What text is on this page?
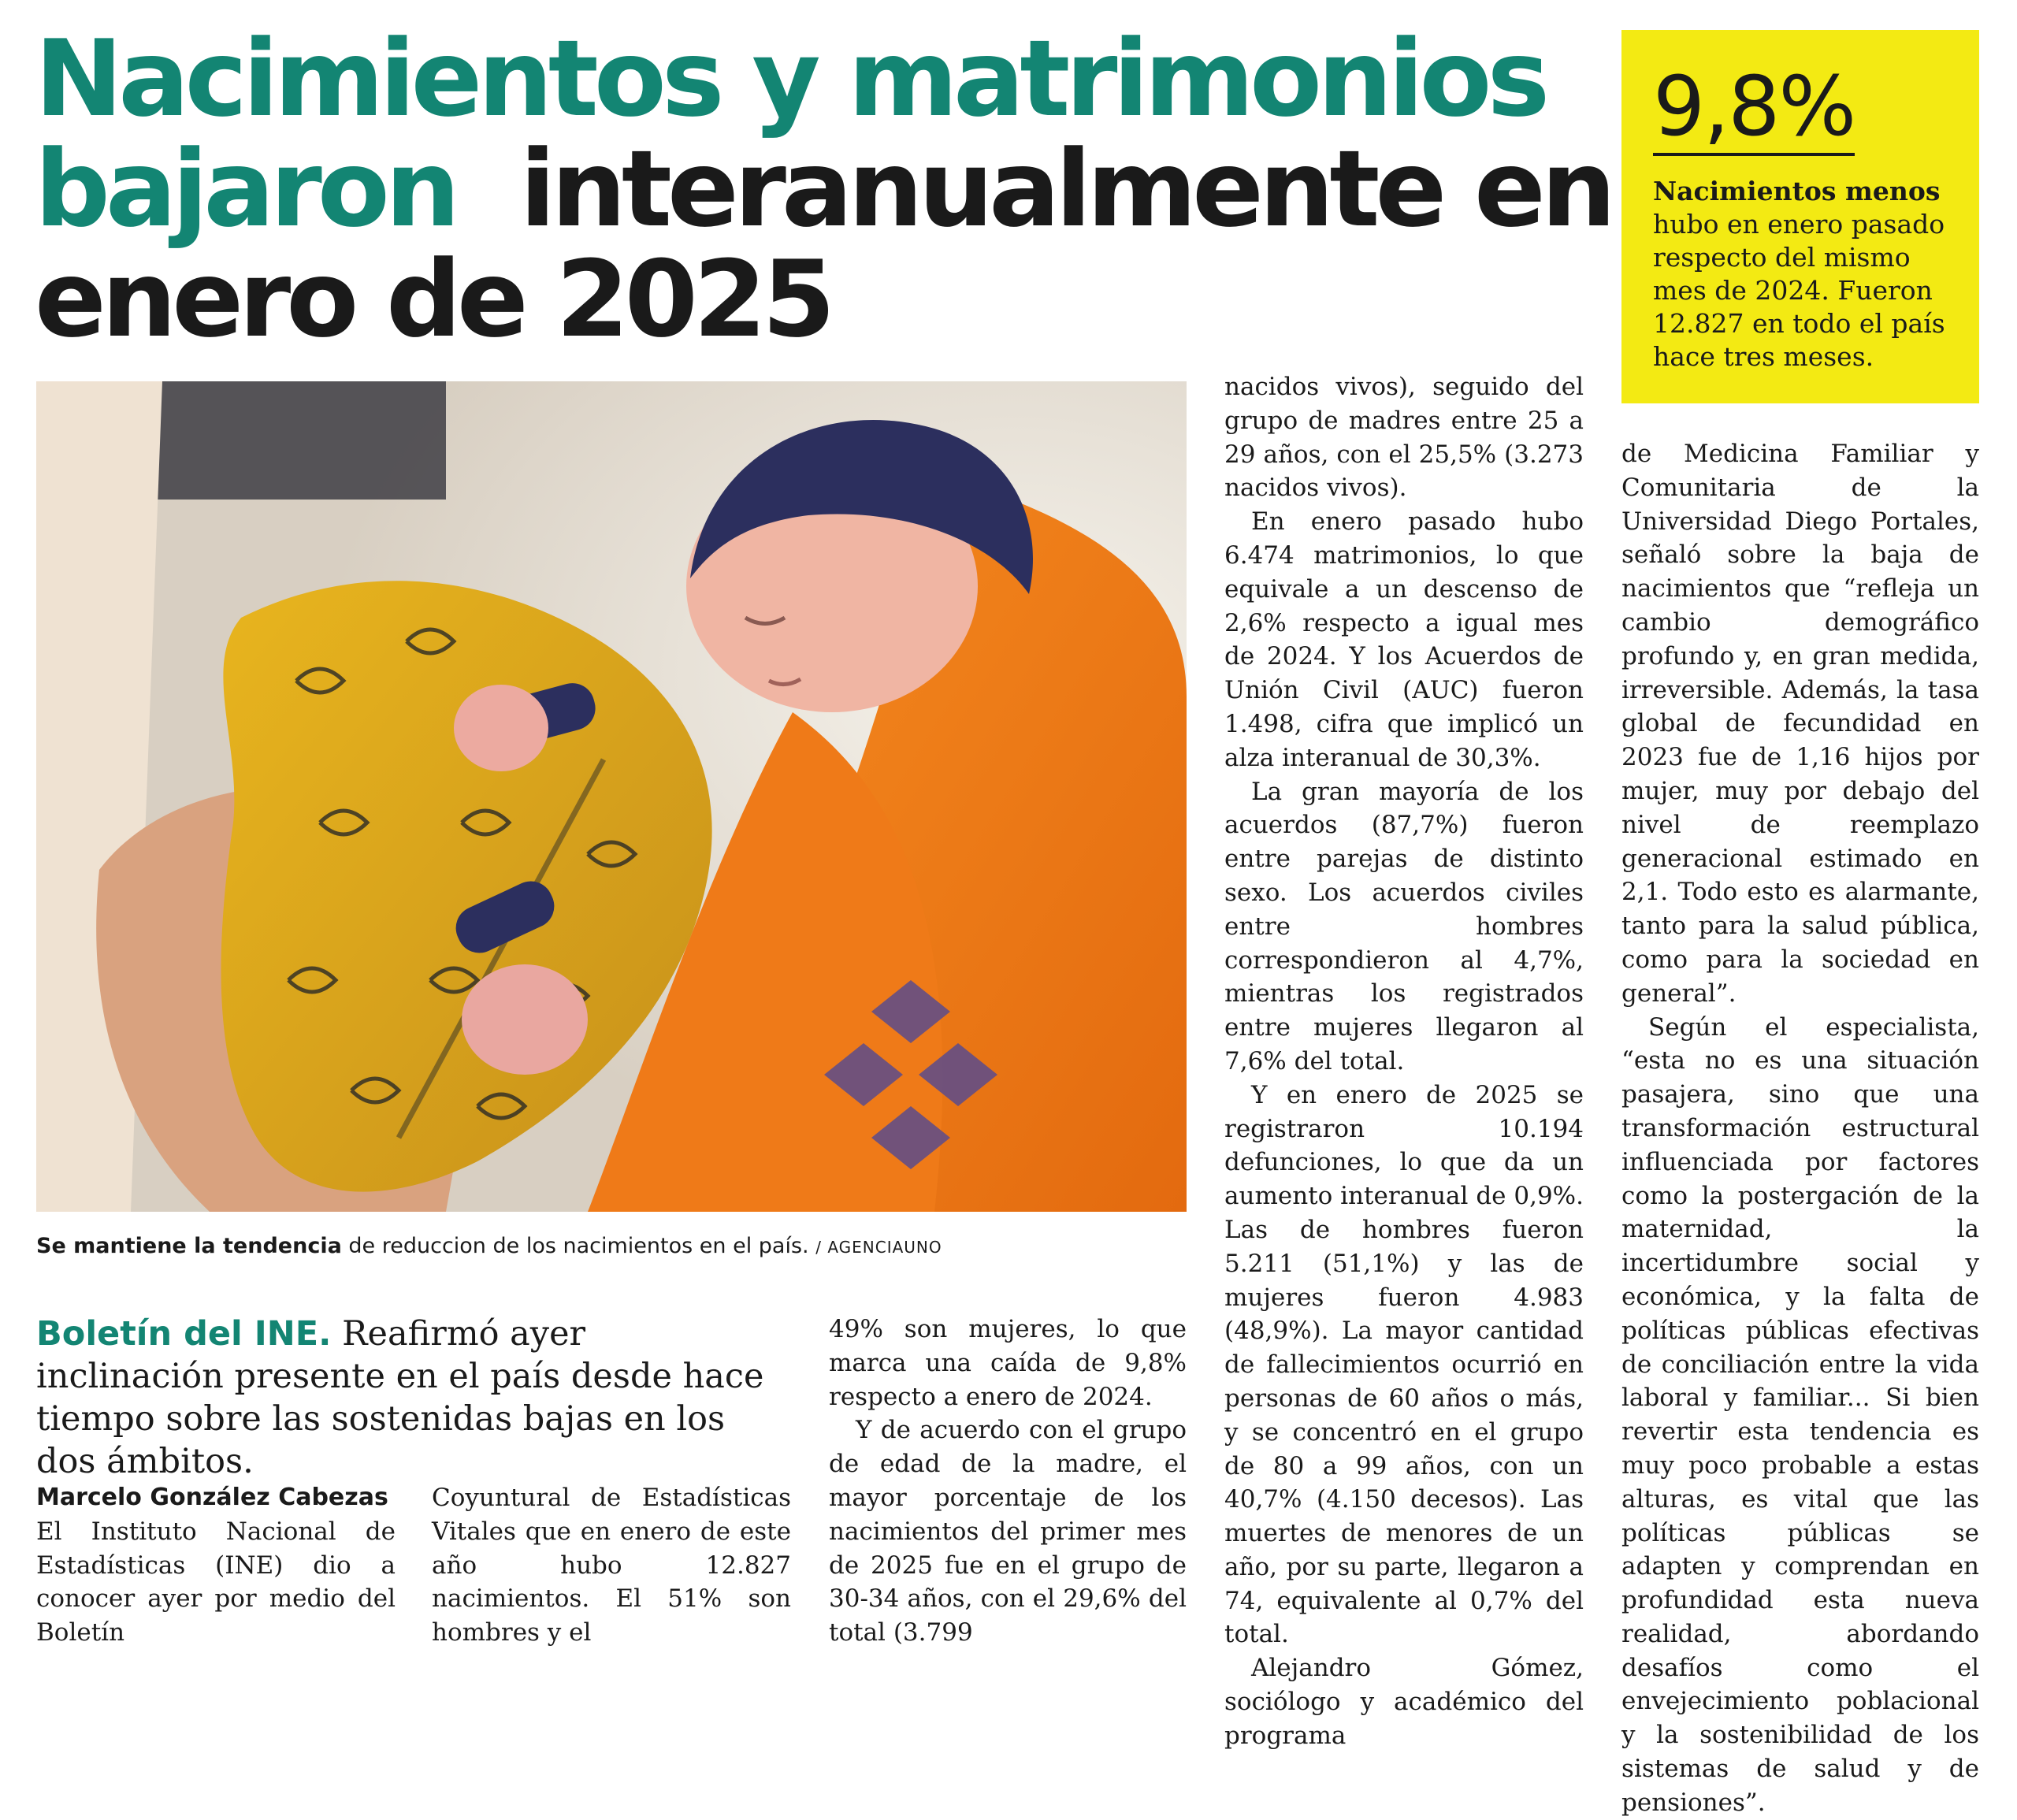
Nacimientos y matrimonios
bajaron interanualmente en
enero de 2025
9,8%
Nacimientos menos
hubo en enero pasado respecto del mismo mes de 2024. Fueron 12.827 en todo el país hace tres meses.
Se mantiene la tendencia de reduccion de los nacimientos en el país. / AGENCIAUNO
Boletín del INE. Reafirmó ayer inclinación presente en el país desde hace tiempo sobre las sostenidas bajas en los dos ámbitos.

Marcelo González Cabezas

El Instituto Nacional de Estadísticas (INE) dio a conocer ayer por medio del Boletín

Coyuntural de Estadísticas Vitales que en enero de este año hubo 12.827 nacimientos. El 51% son hombres y el

49% son mujeres, lo que marca una caída de 9,8% respecto a enero de 2024.

Y de acuerdo con el grupo de edad de la madre, el mayor porcentaje de los nacimientos del primer mes de 2025 fue en el grupo de 30-34 años, con el 29,6% del total (3.799

nacidos vivos), seguido del grupo de madres entre 25 a 29 años, con el 25,5% (3.273 nacidos vivos).

En enero pasado hubo 6.474 matrimonios, lo que equivale a un descenso de 2,6% respecto a igual mes de 2024. Y los Acuerdos de Unión Civil (AUC) fueron 1.498, cifra que implicó un alza interanual de 30,3%.

La gran mayoría de los acuerdos (87,7%) fueron entre parejas de distinto sexo. Los acuerdos civiles entre hombres correspondieron al 4,7%, mientras los registrados entre mujeres llegaron al 7,6% del total.

Y en enero de 2025 se registraron 10.194 defunciones, lo que da un aumento interanual de 0,9%. Las de hombres fueron 5.211 (51,1%) y las de mujeres fueron 4.983 (48,9%). La mayor cantidad de fallecimientos ocurrió en personas de 60 años o más, y se concentró en el grupo de 80 a 99 años, con un 40,7% (4.150 decesos). Las muertes de menores de un año, por su parte, llegaron a 74, equivalente al 0,7% del total.

Alejandro Gómez, sociólogo y académico del programa

de Medicina Familiar y Comunitaria de la Universidad Diego Portales, señaló sobre la baja de nacimientos que “refleja un cambio demográfico profundo y, en gran medida, irreversible. Además, la tasa global de fecundidad en 2023 fue de 1,16 hijos por mujer, muy por debajo del nivel de reemplazo generacional estimado en 2,1. Todo esto es alarmante, tanto para la salud pública, como para la sociedad en general”.

Según el especialista, “esta no es una situación pasajera, sino que una transformación estructural influenciada por factores como la postergación de la maternidad, la incertidumbre social y económica, y la falta de políticas públicas efectivas de conciliación entre la vida laboral y familiar... Si bien revertir esta tendencia es muy poco probable a estas alturas, es vital que las políticas públicas se adapten y comprendan en profundidad esta nueva realidad, abordando desafíos como el envejecimiento poblacional y la sostenibilidad de los sistemas de salud y de pensiones”.
